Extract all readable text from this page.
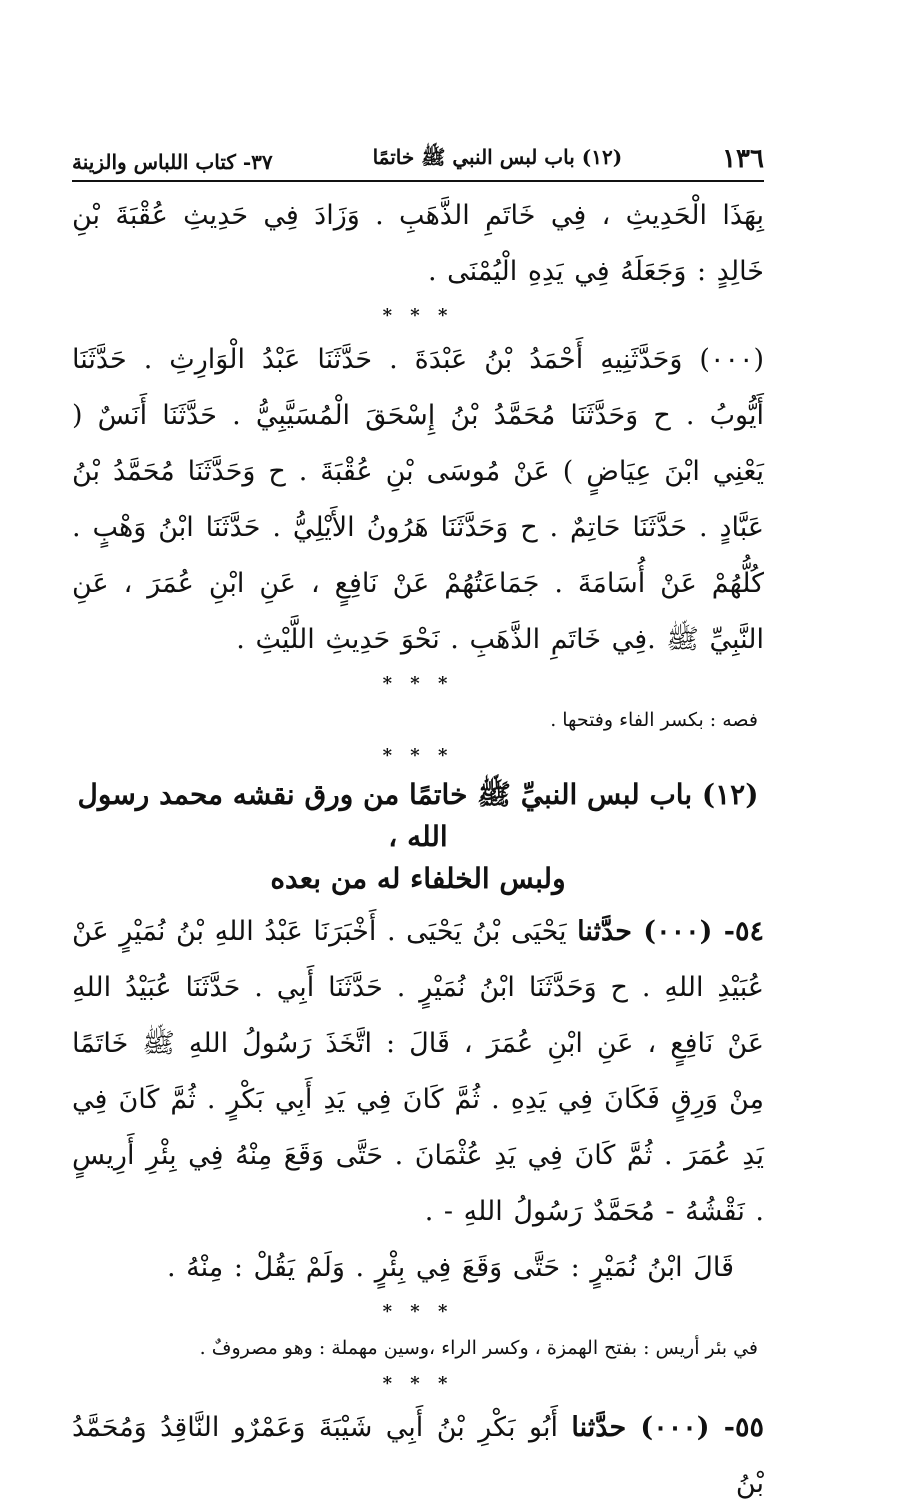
١٣٦
(١٢) باب لبس النبي ﷺ خاتمًا
٣٧- كتاب اللباس والزينة

بِهَذَا الْحَدِيثِ ، فِي خَاتَمِ الذَّهَبِ . وَزَادَ فِي حَدِيثِ عُقْبَةَ بْنِ خَالِدٍ : وَجَعَلَهُ فِي يَدِهِ الْيُمْنَى .

* * *

(٠٠٠) وَحَدَّثَنِيهِ أَحْمَدُ بْنُ عَبْدَةَ . حَدَّثَنَا عَبْدُ الْوَارِثِ . حَدَّثَنَا أَيُّوبُ . ح وَحَدَّثَنَا مُحَمَّدُ بْنُ إِسْحَقَ الْمُسَيَّبِيُّ . حَدَّثَنَا أَنَسٌ ( يَعْنِي ابْنَ عِيَاضٍ ) عَنْ مُوسَى بْنِ عُقْبَةَ . ح وَحَدَّثَنَا مُحَمَّدُ بْنُ عَبَّادٍ . حَدَّثَنَا حَاتِمٌ . ح وَحَدَّثَنَا هَرُونُ الأَيْلِيُّ . حَدَّثَنَا ابْنُ وَهْبٍ . كُلُّهُمْ عَنْ أُسَامَةَ . جَمَاعَتُهُمْ عَنْ نَافِعٍ ، عَنِ ابْنِ عُمَرَ ، عَنِ النَّبِيِّ ﷺ .فِي خَاتَمِ الذَّهَبِ . نَحْوَ حَدِيثِ اللَّيْثِ .

* * *

فصه : بكسر الفاء وفتحها .

* * *
(١٢) باب لبس النبيِّ ﷺ خاتمًا من ورق نقشه محمد رسول الله ،
ولبس الخلفاء له من بعده

٥٤- (٠٠٠) حدَّثنا يَحْيَى بْنُ يَحْيَى . أَخْبَرَنَا عَبْدُ اللهِ بْنُ نُمَيْرٍ عَنْ عُبَيْدِ اللهِ . ح وَحَدَّثَنَا ابْنُ نُمَيْرٍ . حَدَّثَنَا أَبِي . حَدَّثَنَا عُبَيْدُ اللهِ عَنْ نَافِعٍ ، عَنِ ابْنِ عُمَرَ ، قَالَ : اتَّخَذَ رَسُولُ اللهِ ﷺ خَاتَمًا مِنْ وَرِقٍ فَكَانَ فِي يَدِهِ . ثُمَّ كَانَ فِي يَدِ أَبِي بَكْرٍ . ثُمَّ كَانَ فِي يَدِ عُمَرَ . ثُمَّ كَانَ فِي يَدِ عُثْمَانَ . حَتَّى وَقَعَ مِنْهُ فِي بِئْرِ أَرِيسٍ . نَقْشُهُ - مُحَمَّدٌ رَسُولُ اللهِ - .

قَالَ ابْنُ نُمَيْرٍ : حَتَّى وَقَعَ فِي بِئْرٍ . وَلَمْ يَقُلْ : مِنْهُ .

* * *

في بئر أريس : بفتح الهمزة ، وكسر الراء ،وسين مهملة : وهو مصروفٌ .

* * *

٥٥- (٠٠٠) حدَّثنا أَبُو بَكْرِ بْنُ أَبِي شَيْبَةَ وَعَمْرٌو النَّاقِدُ وَمُحَمَّدُ بْنُ
